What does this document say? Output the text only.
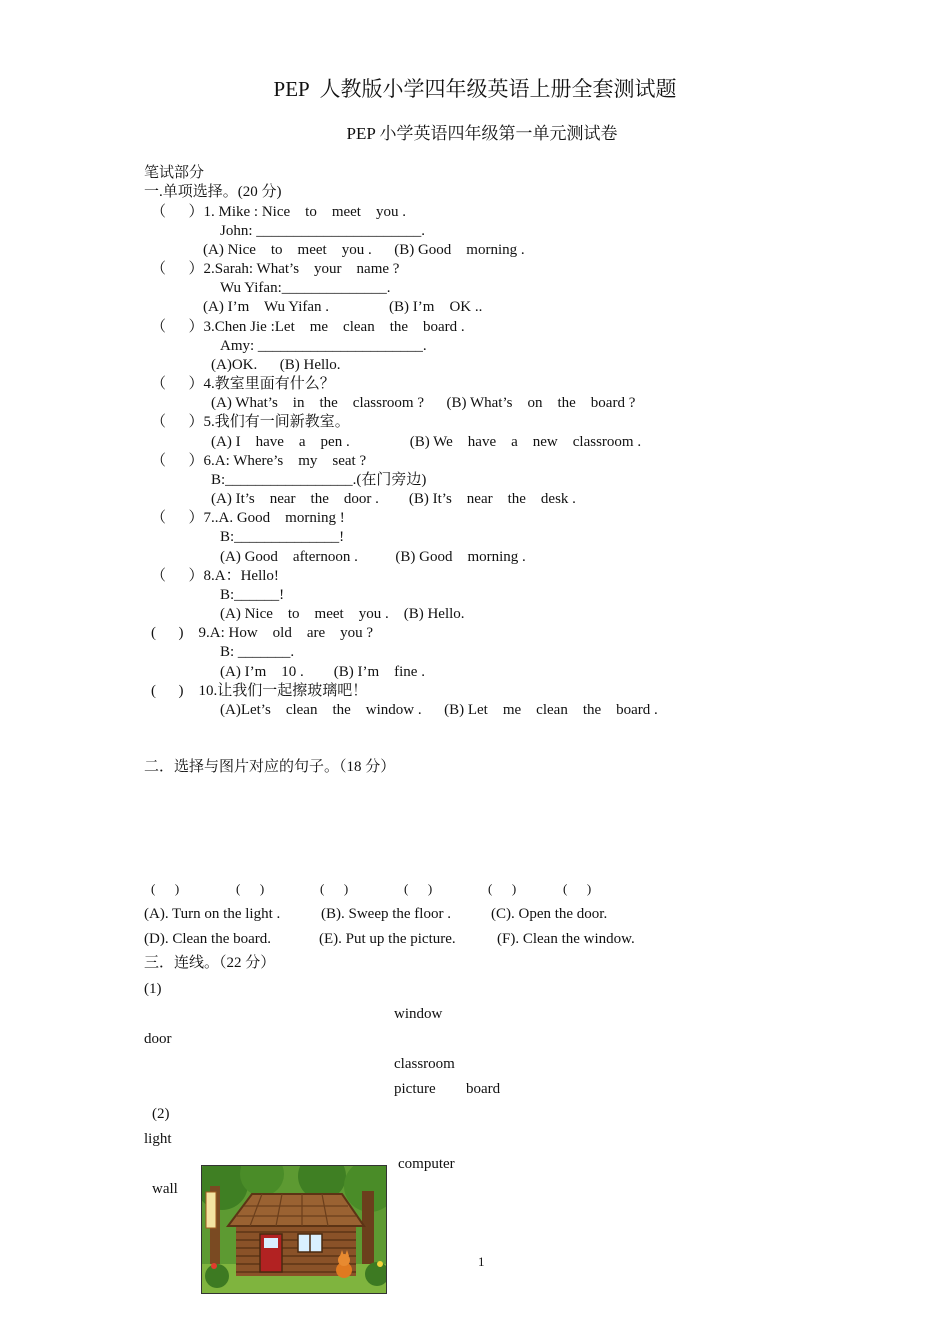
PEP  人教版小学四年级英语上册全套测试题
PEP 小学英语四年级第一单元测试卷
笔试部分
一.单项选择。(20 分)
（      ）1. Mike : Nice    to    meet    you .
John: ______________________.
(A) Nice    to    meet    you .      (B) Good    morning .
（      ）2.Sarah: What’s    your    name ?
Wu Yifan:______________.
(A) I’m    Wu Yifan .                (B) I’m    OK ..
（      ）3.Chen Jie :Let    me    clean    the    board .
Amy: ______________________.
(A)OK.      (B) Hello.
（      ）4.教室里面有什么？
(A) What’s    in    the    classroom ?      (B) What’s    on    the    board ?
（      ）5.我们有一间新教室。
(A) I    have    a    pen .                (B) We    have    a    new    classroom .
（      ）6.A: Where’s    my    seat ?
B:_________________.(在门旁边)
(A) It’s    near    the    door .        (B) It’s    near    the    desk .
（      ）7..A. Good    morning !
B:______________!
(A) Good    afternoon .          (B) Good    morning .
（      ）8.A：Hello!
B:______!
(A) Nice    to    meet    you .    (B) Hello.
(      )    9.A: How    old    are    you ?
B: _______.
(A) I’m    10 .        (B) I’m    fine .
(      )    10.让我们一起擦玻璃吧！
(A)Let’s    clean    the    window .      (B) Let    me    clean    the    board .
二．选择与图片对应的句子。（18 分）
(      )	(      )	(      )	(      )	(      )	(      )
(A). Turn on the light .	(B). Sweep the floor .	(C). Open the door.
(D). Clean the board.	(E). Put up the picture.	(F). Clean the window.
三．连线。（22 分）
(1)
window
door
classroom
picture board
(2)
light
computer
wall
1
